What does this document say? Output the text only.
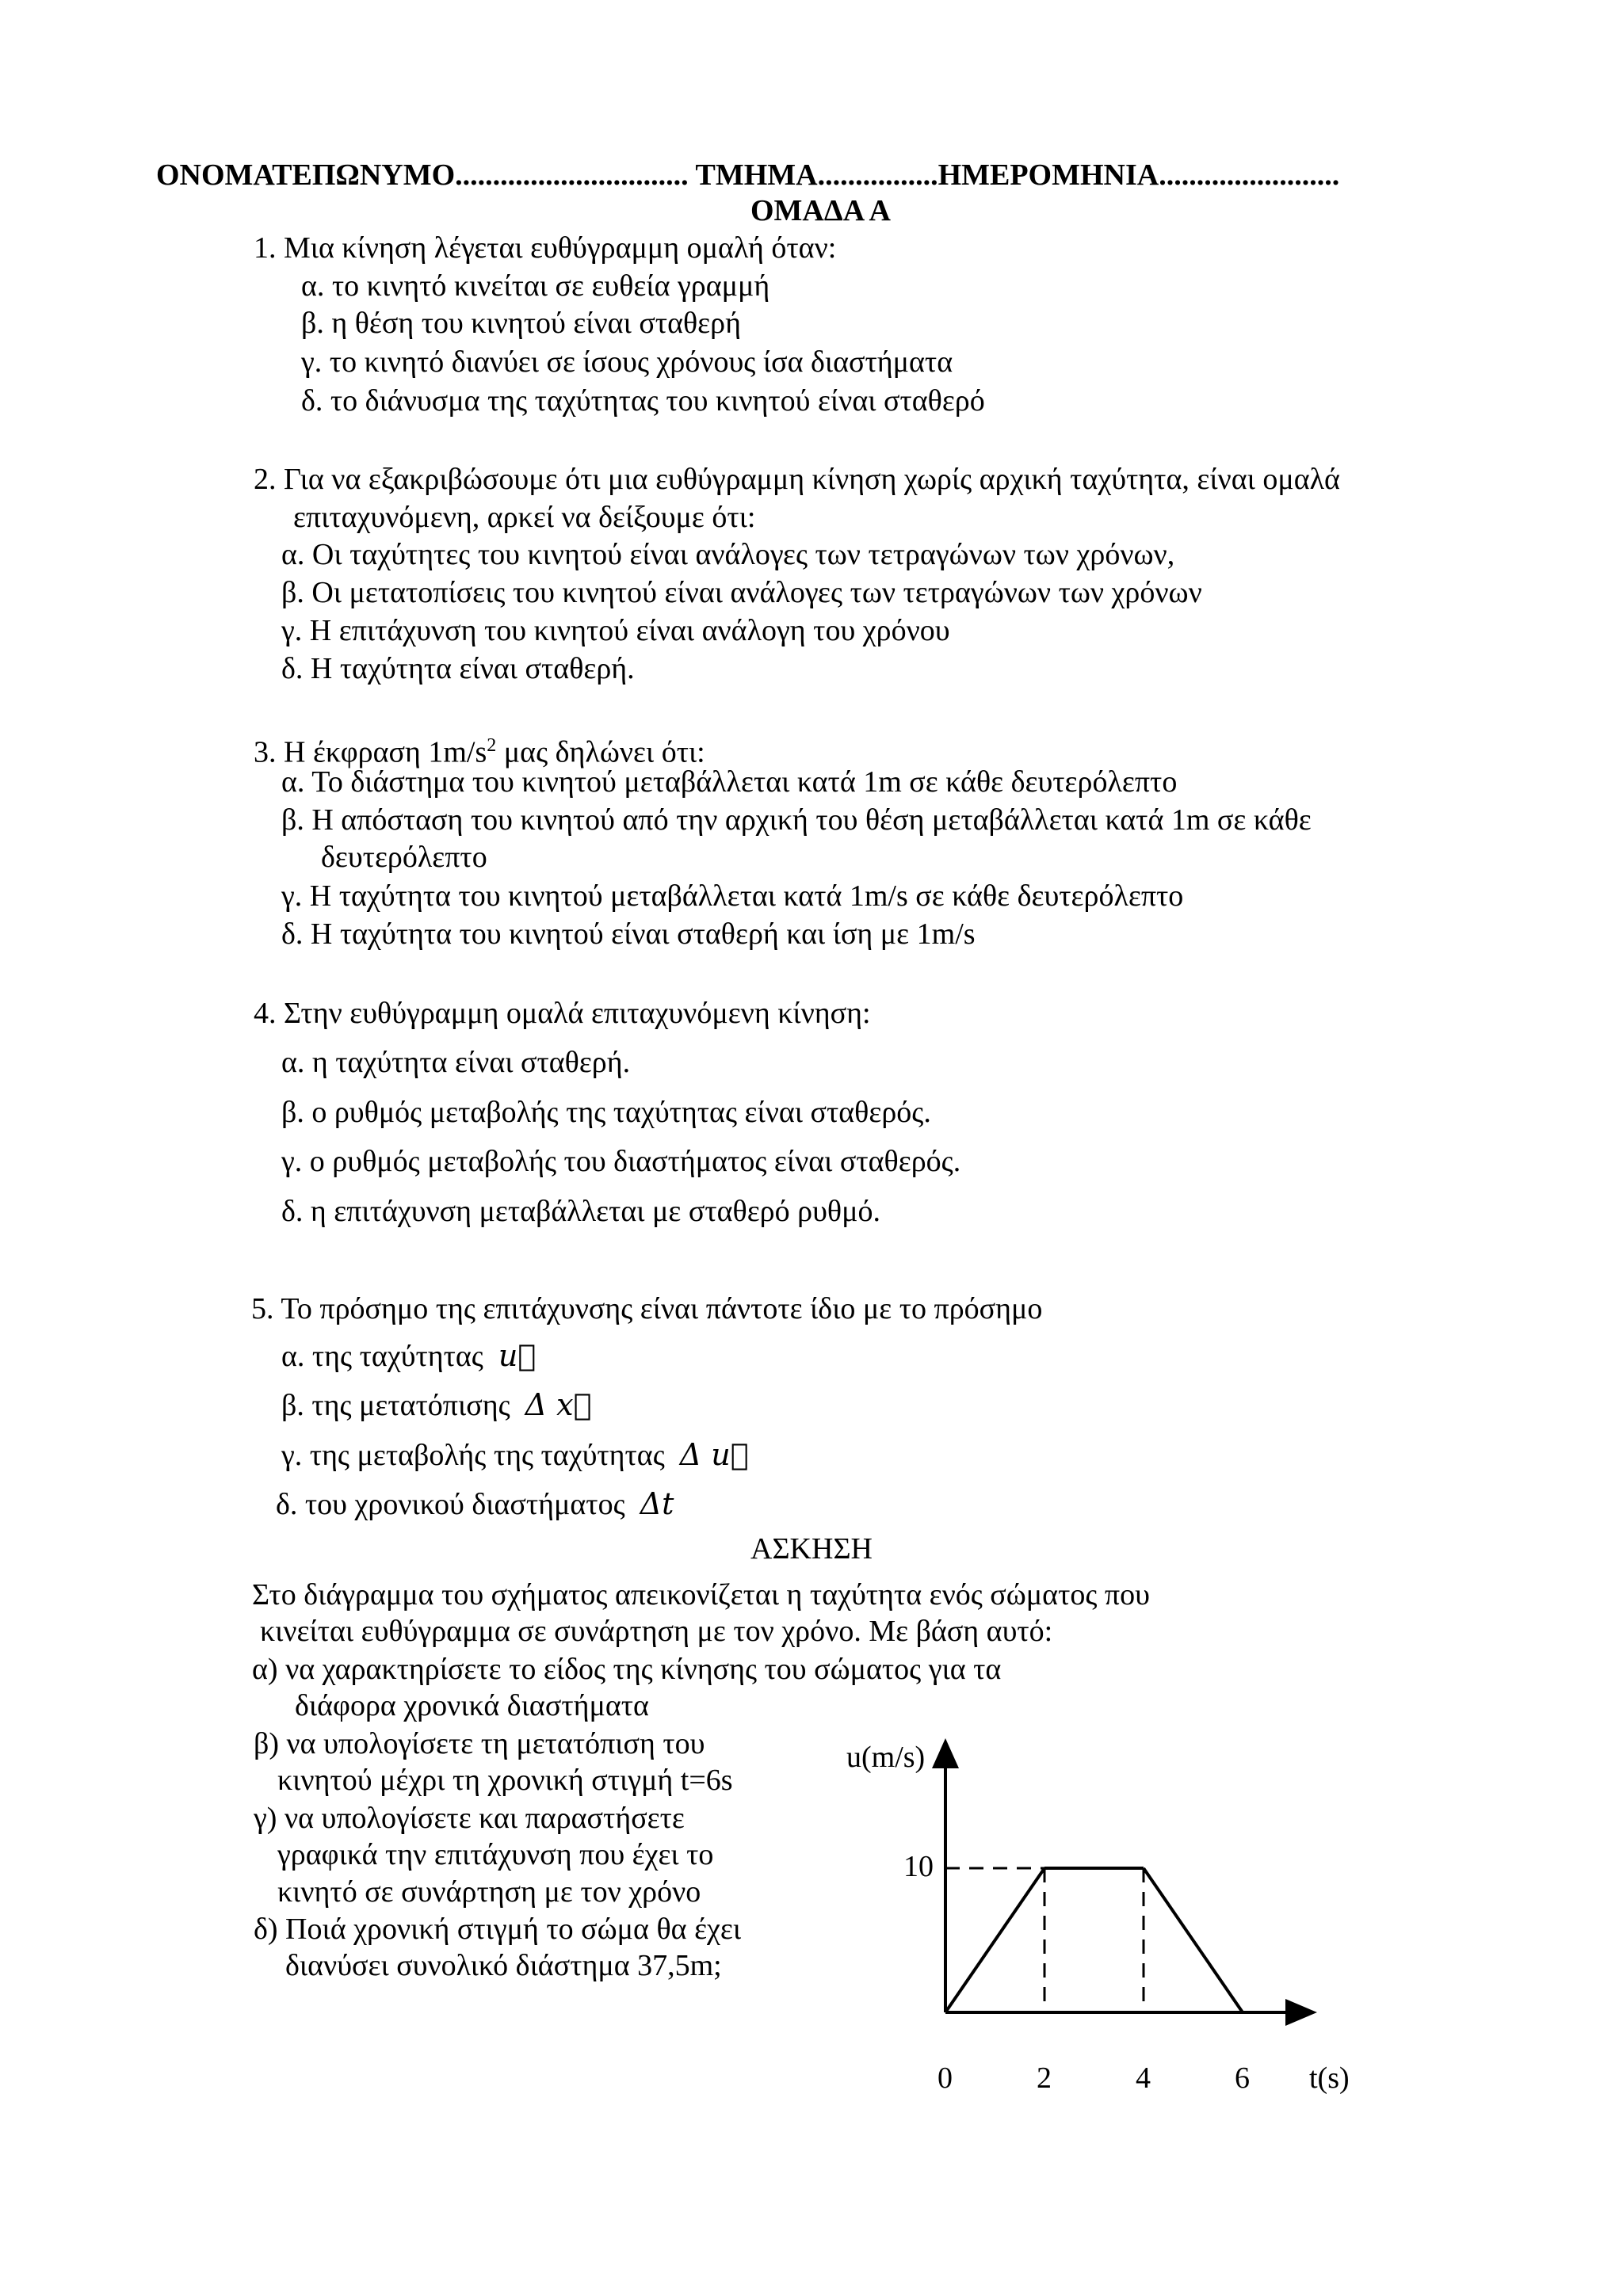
ΟΝΟΜΑΤΕΠΩΝΥΜΟ............................... ΤΜΗΜΑ................ΗΜΕΡΟΜΗΝΙΑ........................
ΟΜΑΔΑ Α
1. Μια κίνηση λέγεται ευθύγραμμη ομαλή όταν:
α. το κινητό κινείται σε ευθεία γραμμή
β. η θέση του κινητού είναι σταθερή
γ. το κινητό διανύει σε ίσους χρόνους ίσα διαστήματα
δ. το διάνυσμα της ταχύτητας του κινητού είναι σταθερό
2. Για να εξακριβώσουμε ότι μια ευθύγραμμη κίνηση χωρίς αρχική ταχύτητα, είναι ομαλά
επιταχυνόμενη, αρκεί να δείξουμε ότι:
α. Οι ταχύτητες του κινητού είναι ανάλογες των τετραγώνων των χρόνων,
β. Οι μετατοπίσεις του κινητού είναι ανάλογες των τετραγώνων των χρόνων
γ. Η επιτάχυνση του κινητού είναι ανάλογη του χρόνου
δ. Η ταχύτητα είναι σταθερή.
3. Η έκφραση $1m/s^2$ μας δηλώνει ότι:
α. Το διάστημα του κινητού μεταβάλλεται κατά 1m σε κάθε δευτερόλεπτο
β. Η απόσταση του κινητού από την αρχική του θέση μεταβάλλεται κατά 1m σε κάθε
δευτερόλεπτο
γ. Η ταχύτητα του κινητού μεταβάλλεται κατά 1m/s σε κάθε δευτερόλεπτο
δ. Η ταχύτητα του κινητού είναι σταθερή και ίση με 1m/s
4. Στην ευθύγραμμη ομαλά επιταχυνόμενη κίνηση:
α. η ταχύτητα είναι σταθερή.
β. ο ρυθμός μεταβολής της ταχύτητας είναι σταθερός.
γ. ο ρυθμός μεταβολής του διαστήματος είναι σταθερός.
δ. η επιτάχυνση μεταβάλλεται με σταθερό ρυθμό.
5. Το πρόσημο της επιτάχυνσης είναι πάντοτε ίδιο με το πρόσημο
α. της ταχύτητας u⃗
β. της μετατόπισης Δ x⃗
γ. της μεταβολής της ταχύτητας Δ u⃗
δ. του χρονικού διαστήματος Δt
ΑΣΚΗΣΗ
Στο διάγραμμα του σχήματος απεικονίζεται η ταχύτητα ενός σώματος που
κινείται ευθύγραμμα σε συνάρτηση με τον χρόνο. Με βάση αυτό:
α) να χαρακτηρίσετε το είδος της κίνησης του σώματος για τα
διάφορα χρονικά διαστήματα
β) να υπολογίσετε τη μετατόπιση του
κινητού μέχρι τη χρονική στιγμή t=6s
γ) να υπολογίσετε και παραστήσετε
γραφικά την επιτάχυνση που έχει το
κινητό σε συνάρτηση με τον χρόνο
δ) Ποιά χρονική στιγμή το σώμα θα έχει
διανύσει συνολικό διάστημα 37,5m;
u(m/s)
0	2	4	6
10
t(s)
